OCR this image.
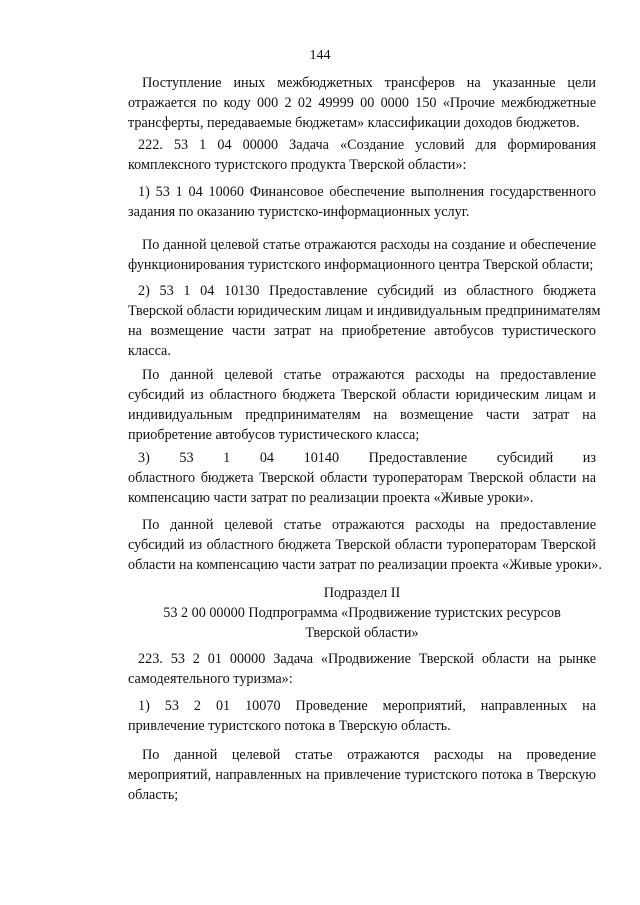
144
Поступление иных межбюджетных трансферов на указанные цели
отражается по коду 000 2 02 49999 00 0000 150 «Прочие межбюджетные
трансферты, передаваемые бюджетам» классификации доходов бюджетов.
222. 53 1 04 00000 Задача «Создание условий для формирования
комплексного туристского продукта Тверской области»:
1) 53 1 04 10060 Финансовое обеспечение выполнения государственного
задания по оказанию туристско-информационных услуг.
По данной целевой статье отражаются расходы на создание и обеспечение
функционирования туристского информационного центра Тверской области;
2) 53 1 04 10130 Предоставление субсидий из областного бюджета
Тверской области юридическим лицам и индивидуальным предпринимателям
на возмещение части затрат на приобретение автобусов туристического
класса.
По данной целевой статье отражаются расходы на предоставление
субсидий из областного бюджета Тверской области юридическим лицам и
индивидуальным предпринимателям на возмещение части затрат на
приобретение автобусов туристического класса;
3) 53 1 04 10140 Предоставление субсидий из
областного бюджета Тверской области туроператорам Тверской области на
компенсацию части затрат по реализации проекта «Живые уроки».
По данной целевой статье отражаются расходы на предоставление
субсидий из областного бюджета Тверской области туроператорам Тверской
области на компенсацию части затрат по реализации проекта «Живые уроки».
Подраздел II
53 2 00 00000 Подпрограмма «Продвижение туристских ресурсов
Тверской области»
223. 53 2 01 00000 Задача «Продвижение Тверской области на рынке
самодеятельного туризма»:
1) 53 2 01 10070 Проведение мероприятий, направленных на
привлечение туристского потока в Тверскую область.
По данной целевой статье отражаются расходы на проведение
мероприятий, направленных на привлечение туристского потока в Тверскую
область;
